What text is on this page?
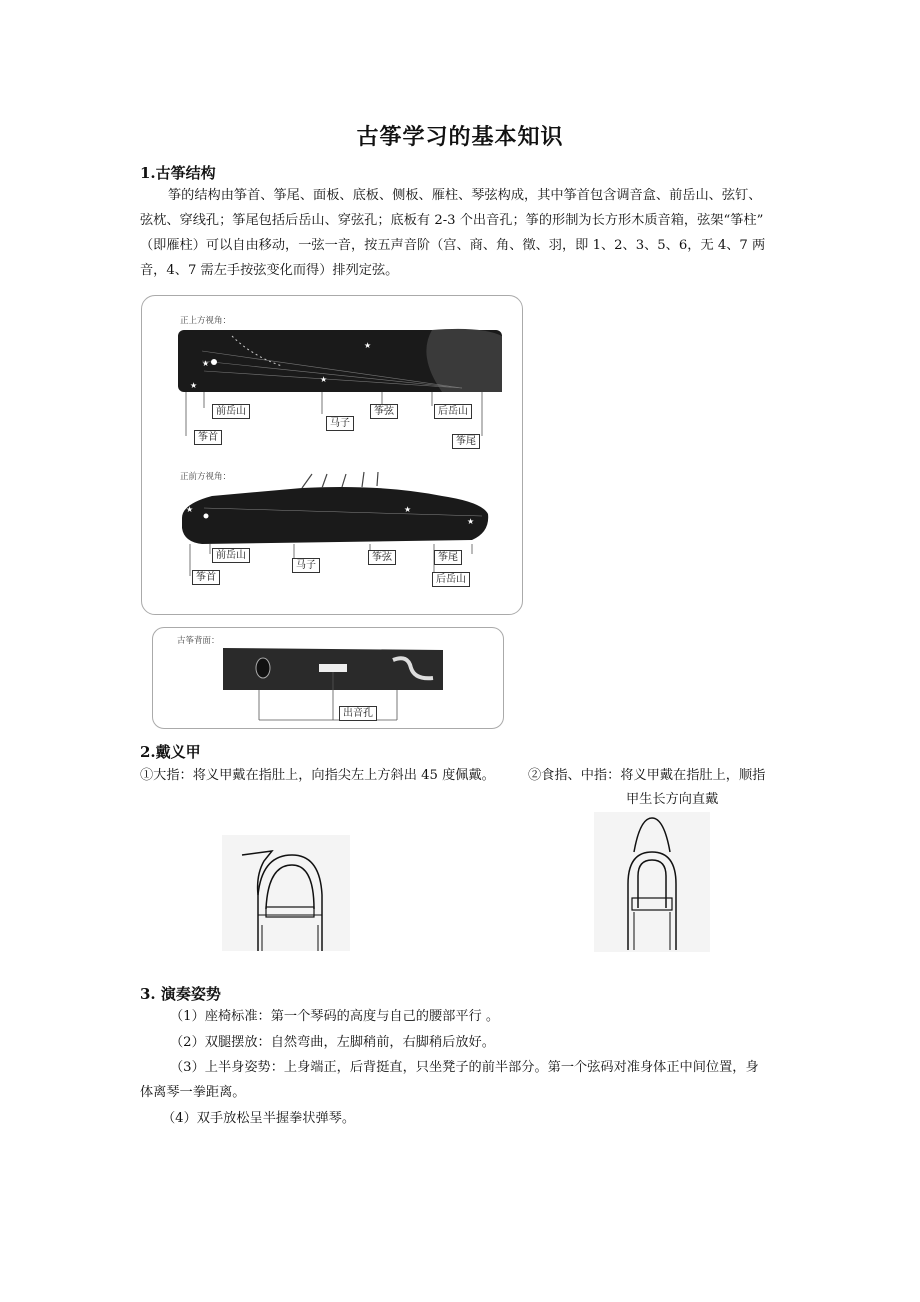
古筝学习的基本知识
1.古筝结构
筝的结构由筝首、筝尾、面板、底板、侧板、雁柱、琴弦构成，其中筝首包含调音盒、前岳山、弦钉、
弦枕、穿线孔；筝尾包括后岳山、穿弦孔；底板有 2-3 个出音孔；筝的形制为长方形木质音箱，弦架“筝柱”
（即雁柱）可以自由移动，一弦一音，按五声音阶（宫、商、角、徵、羽，即 1、2、3、5、6，无 4、7 两
音，4、7 需左手按弦变化而得）排列定弦。
正上方视角：
★
★
★
★
★
★
★
前岳山
马子
筝弦	后岳山
筝首	筝尾
正前方视角：
前岳山
马子
筝弦	筝尾
筝首	后岳山
古筝背面：
出音孔
2.戴义甲
①大指：将义甲戴在指肚上，向指尖左上方斜出 45 度佩戴。	②食指、中指：将义甲戴在指肚上，顺指
甲生长方向直戴
3. 演奏姿势
（1）座椅标准：第一个琴码的高度与自己的腰部平行 。
（2）双腿摆放：自然弯曲，左脚稍前，右脚稍后放好。
（3）上半身姿势：上身端正，后背挺直，只坐凳子的前半部分。第一个弦码对准身体正中间位置，身
体离琴一拳距离。
（4）双手放松呈半握拳状弹琴。
